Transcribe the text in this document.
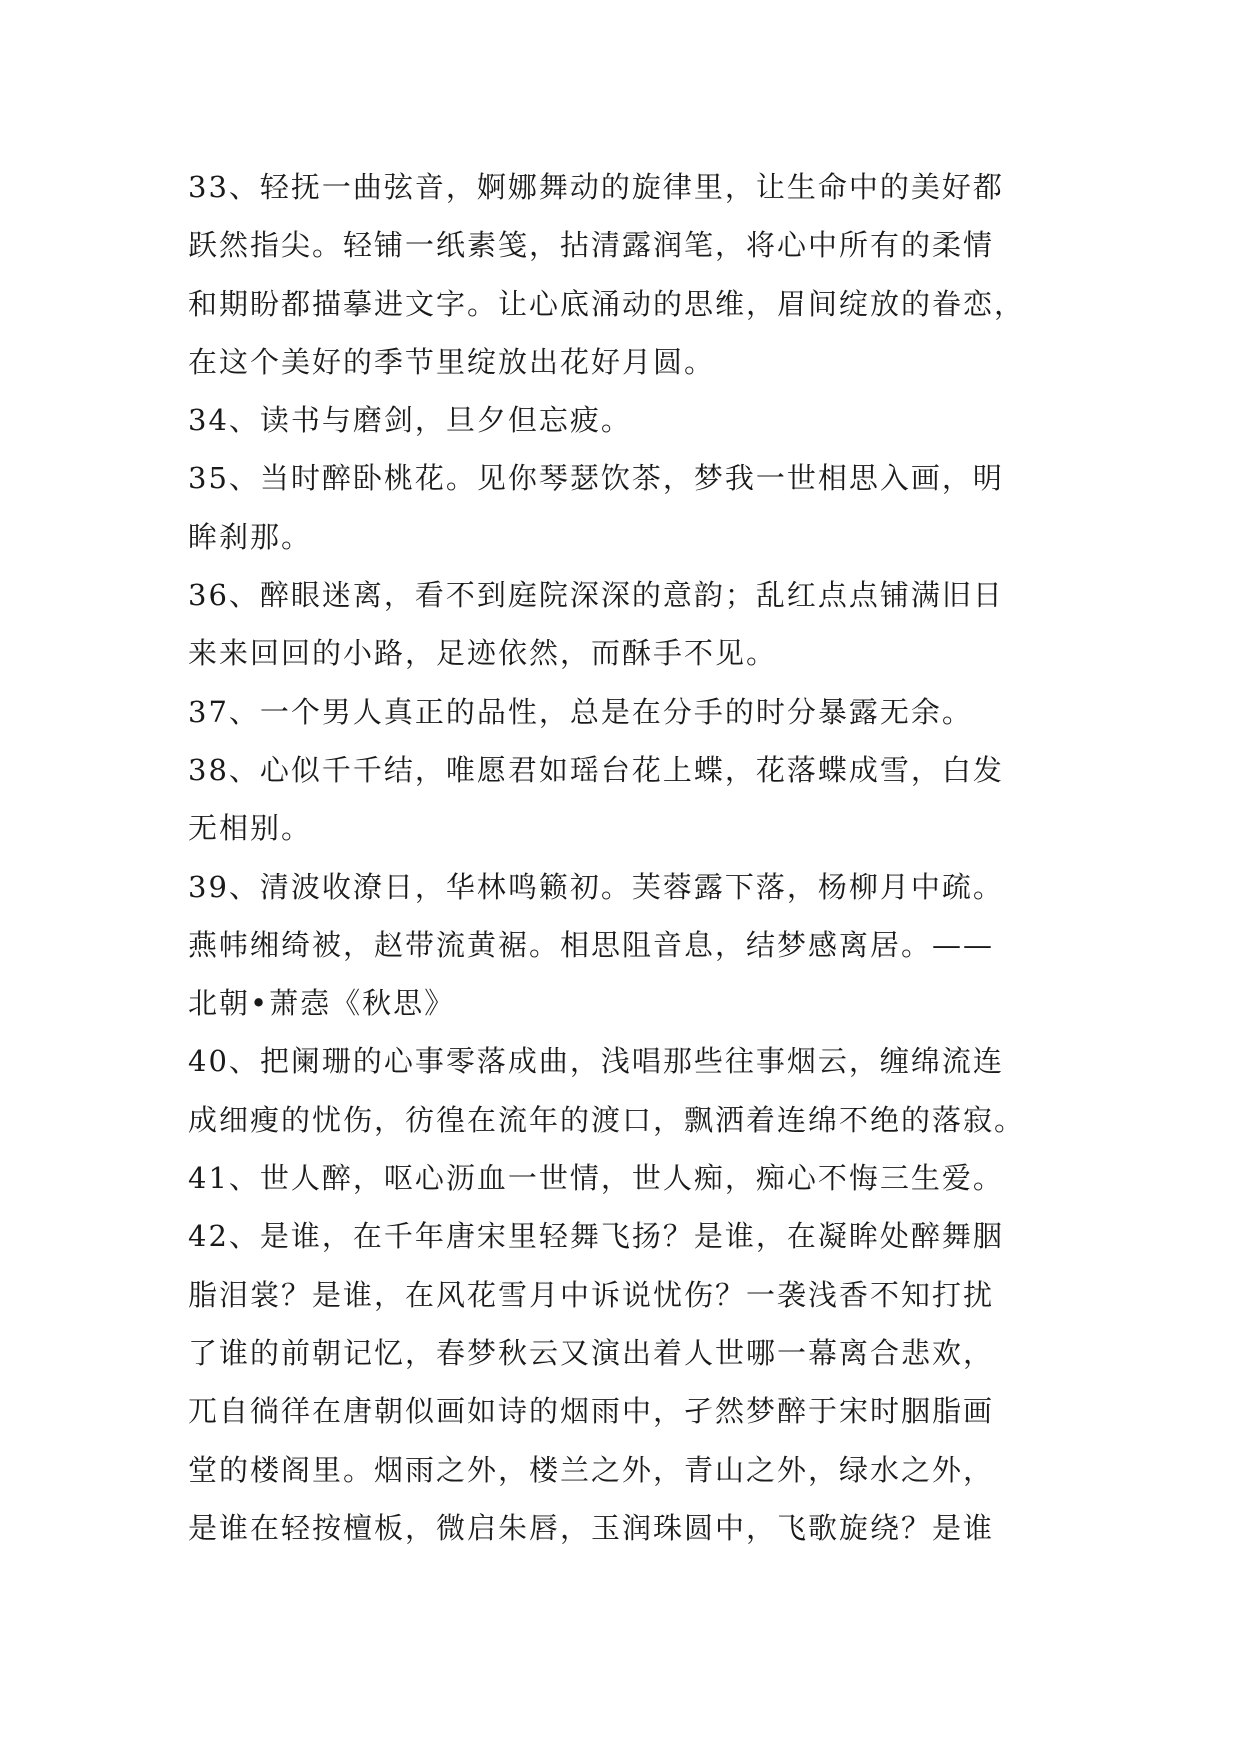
33、轻抚一曲弦音，婀娜舞动的旋律里，让生命中的美好都
跃然指尖。轻铺一纸素笺，拈清露润笔，将心中所有的柔情
和期盼都描摹进文字。让心底涌动的思维，眉间绽放的眷恋，
在这个美好的季节里绽放出花好月圆。
34、读书与磨剑，旦夕但忘疲。
35、当时醉卧桃花。见你琴瑟饮茶，梦我一世相思入画，明
眸刹那。
36、醉眼迷离，看不到庭院深深的意韵；乱红点点铺满旧日
来来回回的小路，足迹依然，而酥手不见。
37、一个男人真正的品性，总是在分手的时分暴露无余。
38、心似千千结，唯愿君如瑶台花上蝶，花落蝶成雪，白发
无相别。
39、清波收潦日，华林鸣籁初。芙蓉露下落，杨柳月中疏。
燕帏缃绮被，赵带流黄裾。相思阻音息，结梦感离居。——
北朝•萧悫《秋思》
40、把阑珊的心事零落成曲，浅唱那些往事烟云，缠绵流连
成细瘦的忧伤，彷徨在流年的渡口，飘洒着连绵不绝的落寂。
41、世人醉，呕心沥血一世情，世人痴，痴心不悔三生爱。
42、是谁，在千年唐宋里轻舞飞扬？是谁，在凝眸处醉舞胭
脂泪裳？是谁，在风花雪月中诉说忧伤？一袭浅香不知打扰
了谁的前朝记忆，春梦秋云又演出着人世哪一幕离合悲欢，
兀自徜徉在唐朝似画如诗的烟雨中，孑然梦醉于宋时胭脂画
堂的楼阁里。烟雨之外，楼兰之外，青山之外，绿水之外，
是谁在轻按檀板，微启朱唇，玉润珠圆中，飞歌旋绕？是谁
